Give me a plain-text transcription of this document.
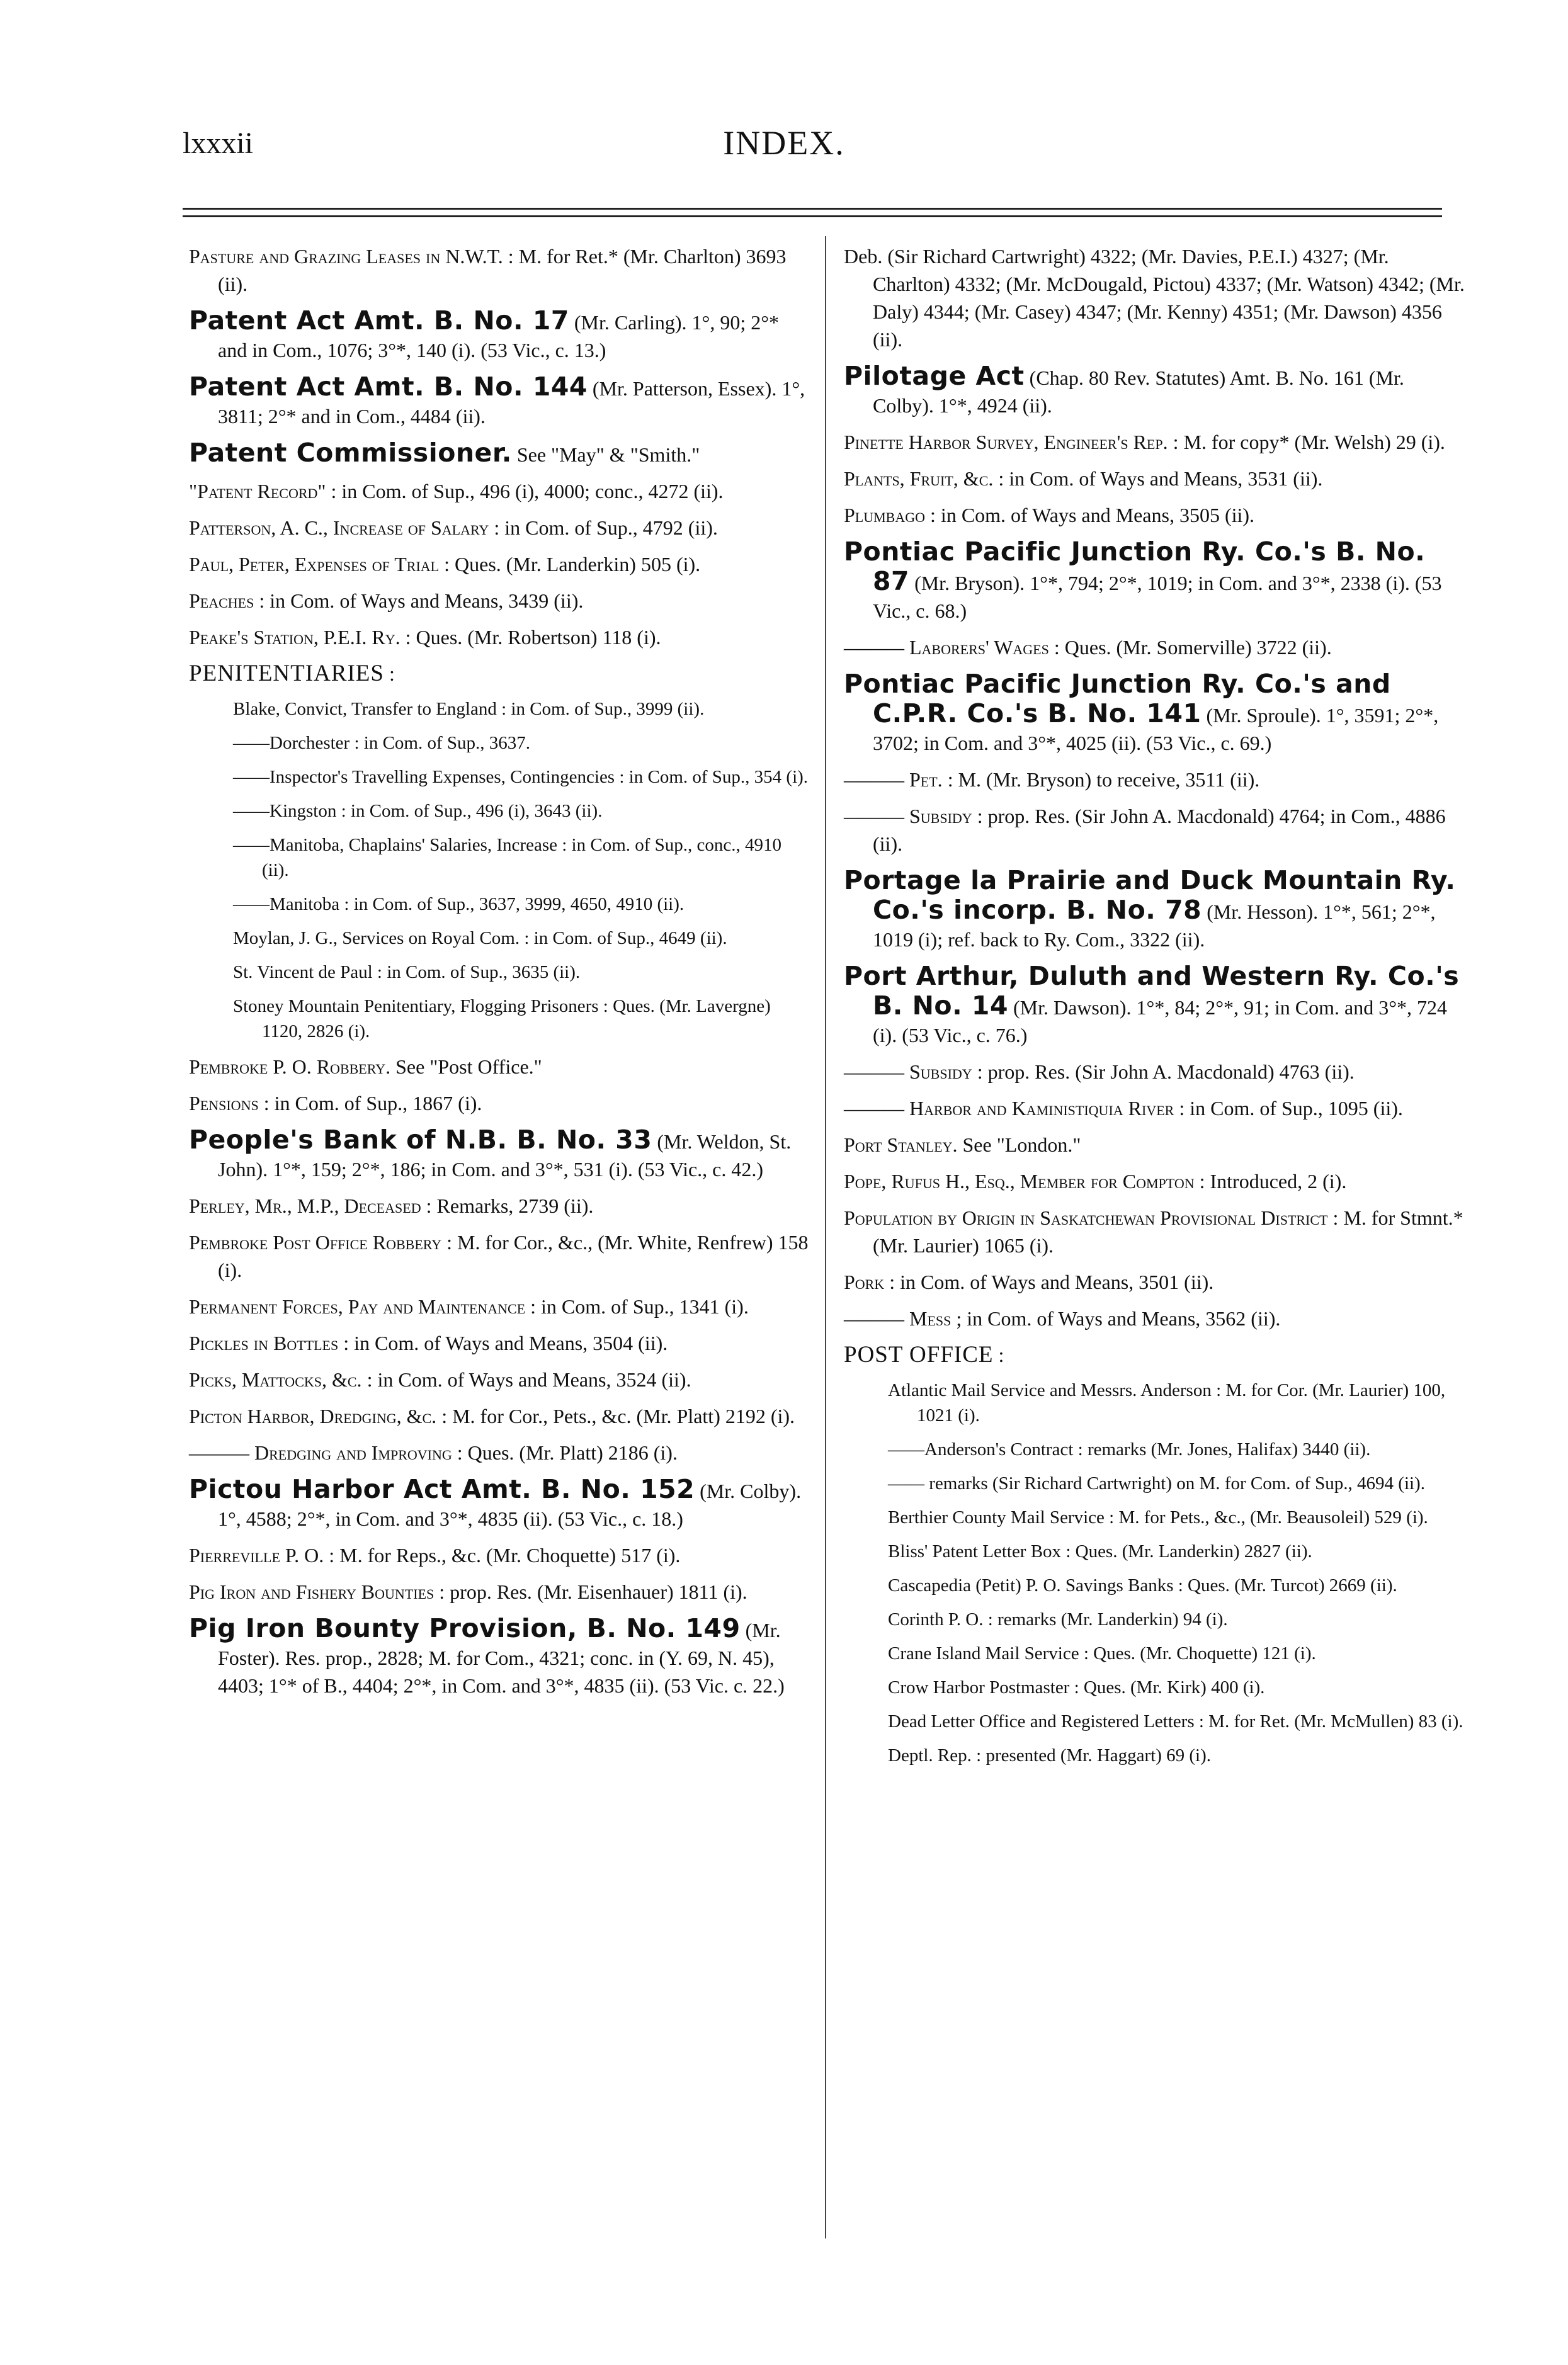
lxxxii	INDEX.
Pasture and Grazing Leases in N.W.T. : M. for Ret.* (Mr. Charlton) 3693 (ii).
Patent Act Amt. B. No. 17 (Mr. Carling). 1°, 90; 2°* and in Com., 1076; 3°*, 140 (i). (53 Vic., c. 13.)
Patent Act Amt. B. No. 144 (Mr. Patterson, Essex). 1°, 3811; 2°* and in Com., 4484 (ii).
Patent Commissioner. See "May" & "Smith."
"Patent Record" : in Com. of Sup., 496 (i), 4000; conc., 4272 (ii).
Patterson, A. C., Increase of Salary : in Com. of Sup., 4792 (ii).
Paul, Peter, Expenses of Trial : Ques. (Mr. Landerkin) 505 (i).
Peaches : in Com. of Ways and Means, 3439 (ii).
Peake's Station, P.E.I. Ry. : Ques. (Mr. Robertson) 118 (i).
PENITENTIARIES :
Blake, Convict, Transfer to England : in Com. of Sup., 3999 (ii).
——Dorchester : in Com. of Sup., 3637.
——Inspector's Travelling Expenses, Contingencies : in Com. of Sup., 354 (i).
——Kingston : in Com. of Sup., 496 (i), 3643 (ii).
——Manitoba, Chaplains' Salaries, Increase : in Com. of Sup., conc., 4910 (ii).
——Manitoba : in Com. of Sup., 3637, 3999, 4650, 4910 (ii).
Moylan, J. G., Services on Royal Com. : in Com. of Sup., 4649 (ii).
St. Vincent de Paul : in Com. of Sup., 3635 (ii).
Stoney Mountain Penitentiary, Flogging Prisoners : Ques. (Mr. Lavergne) 1120, 2826 (i).
Pembroke P. O. Robbery. See "Post Office."
Pensions : in Com. of Sup., 1867 (i).
People's Bank of N.B. B. No. 33 (Mr. Weldon, St. John). 1°*, 159; 2°*, 186; in Com. and 3°*, 531 (i). (53 Vic., c. 42.)
Perley, Mr., M.P., Deceased : Remarks, 2739 (ii).
Pembroke Post Office Robbery : M. for Cor., &c., (Mr. White, Renfrew) 158 (i).
Permanent Forces, Pay and Maintenance : in Com. of Sup., 1341 (i).
Pickles in Bottles : in Com. of Ways and Means, 3504 (ii).
Picks, Mattocks, &c. : in Com. of Ways and Means, 3524 (ii).
Picton Harbor, Dredging, &c. : M. for Cor., Pets., &c. (Mr. Platt) 2192 (i).
——— Dredging and Improving : Ques. (Mr. Platt) 2186 (i).
Pictou Harbor Act Amt. B. No. 152 (Mr. Colby). 1°, 4588; 2°*, in Com. and 3°*, 4835 (ii). (53 Vic., c. 18.)
Pierreville P. O. : M. for Reps., &c. (Mr. Choquette) 517 (i).
Pig Iron and Fishery Bounties : prop. Res. (Mr. Eisenhauer) 1811 (i).
Pig Iron Bounty Provision, B. No. 149 (Mr. Foster). Res. prop., 2828; M. for Com., 4321; conc. in (Y. 69, N. 45), 4403; 1°* of B., 4404; 2°*, in Com. and 3°*, 4835 (ii). (53 Vic. c. 22.)
Deb. (Sir Richard Cartwright) 4322; (Mr. Davies, P.E.I.) 4327; (Mr. Charlton) 4332; (Mr. McDougald, Pictou) 4337; (Mr. Watson) 4342; (Mr. Daly) 4344; (Mr. Casey) 4347; (Mr. Kenny) 4351; (Mr. Dawson) 4356 (ii).
Pilotage Act (Chap. 80 Rev. Statutes) Amt. B. No. 161 (Mr. Colby). 1°*, 4924 (ii).
Pinette Harbor Survey, Engineer's Rep. : M. for copy* (Mr. Welsh) 29 (i).
Plants, Fruit, &c. : in Com. of Ways and Means, 3531 (ii).
Plumbago : in Com. of Ways and Means, 3505 (ii).
Pontiac Pacific Junction Ry. Co.'s B. No. 87 (Mr. Bryson). 1°*, 794; 2°*, 1019; in Com. and 3°*, 2338 (i). (53 Vic., c. 68.)
——— Laborers' Wages : Ques. (Mr. Somerville) 3722 (ii).
Pontiac Pacific Junction Ry. Co.'s and C.P.R. Co.'s B. No. 141 (Mr. Sproule). 1°, 3591; 2°*, 3702; in Com. and 3°*, 4025 (ii). (53 Vic., c. 69.)
——— Pet. : M. (Mr. Bryson) to receive, 3511 (ii).
——— Subsidy : prop. Res. (Sir John A. Macdonald) 4764; in Com., 4886 (ii).
Portage la Prairie and Duck Mountain Ry. Co.'s incorp. B. No. 78 (Mr. Hesson). 1°*, 561; 2°*, 1019 (i); ref. back to Ry. Com., 3322 (ii).
Port Arthur, Duluth and Western Ry. Co.'s B. No. 14 (Mr. Dawson). 1°*, 84; 2°*, 91; in Com. and 3°*, 724 (i). (53 Vic., c. 76.)
——— Subsidy : prop. Res. (Sir John A. Macdonald) 4763 (ii).
——— Harbor and Kaministiquia River : in Com. of Sup., 1095 (ii).
Port Stanley. See "London."
Pope, Rufus H., Esq., Member for Compton : Introduced, 2 (i).
Population by Origin in Saskatchewan Provisional District : M. for Stmnt.* (Mr. Laurier) 1065 (i).
Pork : in Com. of Ways and Means, 3501 (ii).
——— Mess ; in Com. of Ways and Means, 3562 (ii).
POST OFFICE :
Atlantic Mail Service and Messrs. Anderson : M. for Cor. (Mr. Laurier) 100, 1021 (i).
——Anderson's Contract : remarks (Mr. Jones, Halifax) 3440 (ii).
—— remarks (Sir Richard Cartwright) on M. for Com. of Sup., 4694 (ii).
Berthier County Mail Service : M. for Pets., &c., (Mr. Beausoleil) 529 (i).
Bliss' Patent Letter Box : Ques. (Mr. Landerkin) 2827 (ii).
Cascapedia (Petit) P. O. Savings Banks : Ques. (Mr. Turcot) 2669 (ii).
Corinth P. O. : remarks (Mr. Landerkin) 94 (i).
Crane Island Mail Service : Ques. (Mr. Choquette) 121 (i).
Crow Harbor Postmaster : Ques. (Mr. Kirk) 400 (i).
Dead Letter Office and Registered Letters : M. for Ret. (Mr. McMullen) 83 (i).
Deptl. Rep. : presented (Mr. Haggart) 69 (i).
